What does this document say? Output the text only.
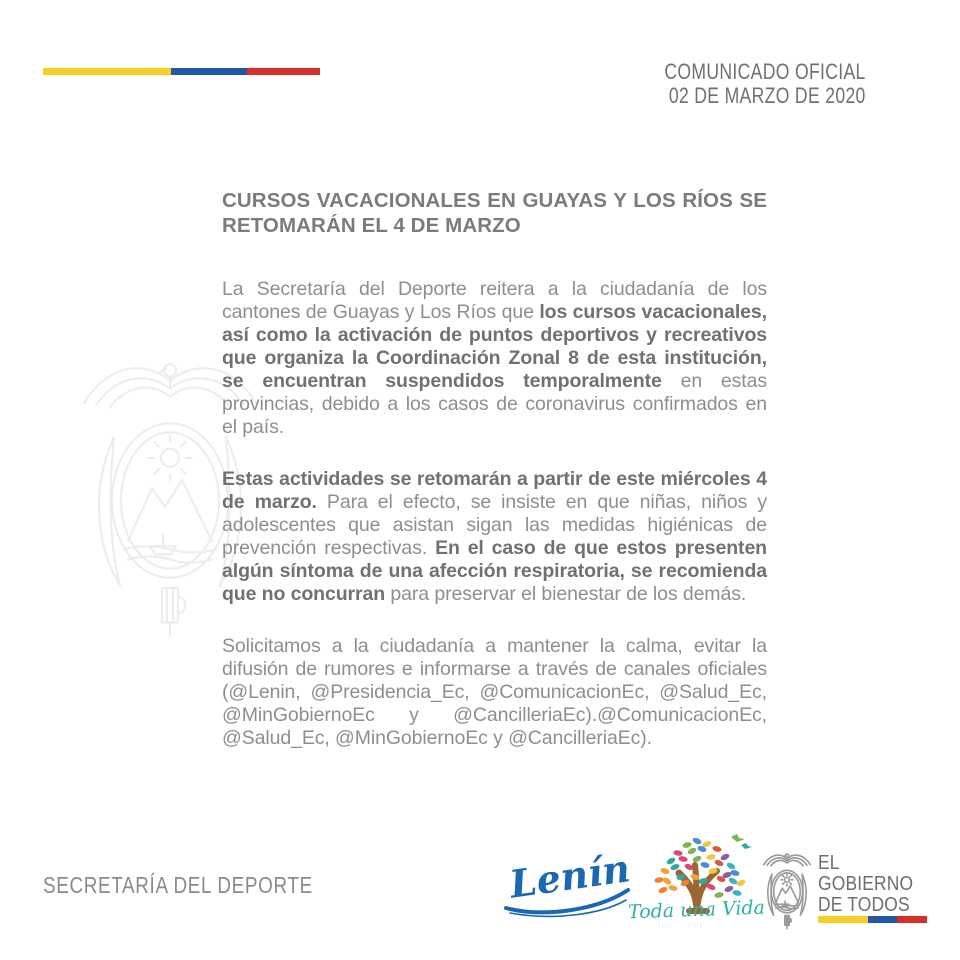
COMUNICADO OFICIAL
02 DE MARZO DE 2020
CURSOS VACACIONALES EN GUAYAS Y LOS RÍOS SE RETOMARÁN EL 4 DE MARZO

La Secretaría del Deporte reitera a la ciudadanía de los cantones de Guayas y Los Ríos que los cursos vacacionales, así como la activación de puntos deportivos y recreativos que organiza la Coordinación Zonal 8 de esta institución, se encuentran suspendidos temporalmente en estas provincias, debido a los casos de coronavirus confirmados en el país.

Estas actividades se retomarán a partir de este miércoles 4 de marzo. Para el efecto, se insiste en que niñas, niños y adolescentes que asistan sigan las medidas higiénicas de prevención respectivas. En el caso de que estos presenten algún síntoma de una afección respiratoria, se recomienda que no concurran para preservar el bienestar de los demás.

Solicitamos a la ciudadanía a mantener la calma, evitar la difusión de rumores e informarse a través de canales oficiales (@Lenin, @Presidencia_Ec, @ComunicacionEc, @Salud_Ec, @MinGobiernoEc y @CancilleriaEc).@ComunicacionEc, @Salud_Ec, @MinGobiernoEc y @CancilleriaEc).

SECRETARÍA DEL DEPORTE	Lenín
Toda una Vida
EL
GOBIERNO
DE TODOS
